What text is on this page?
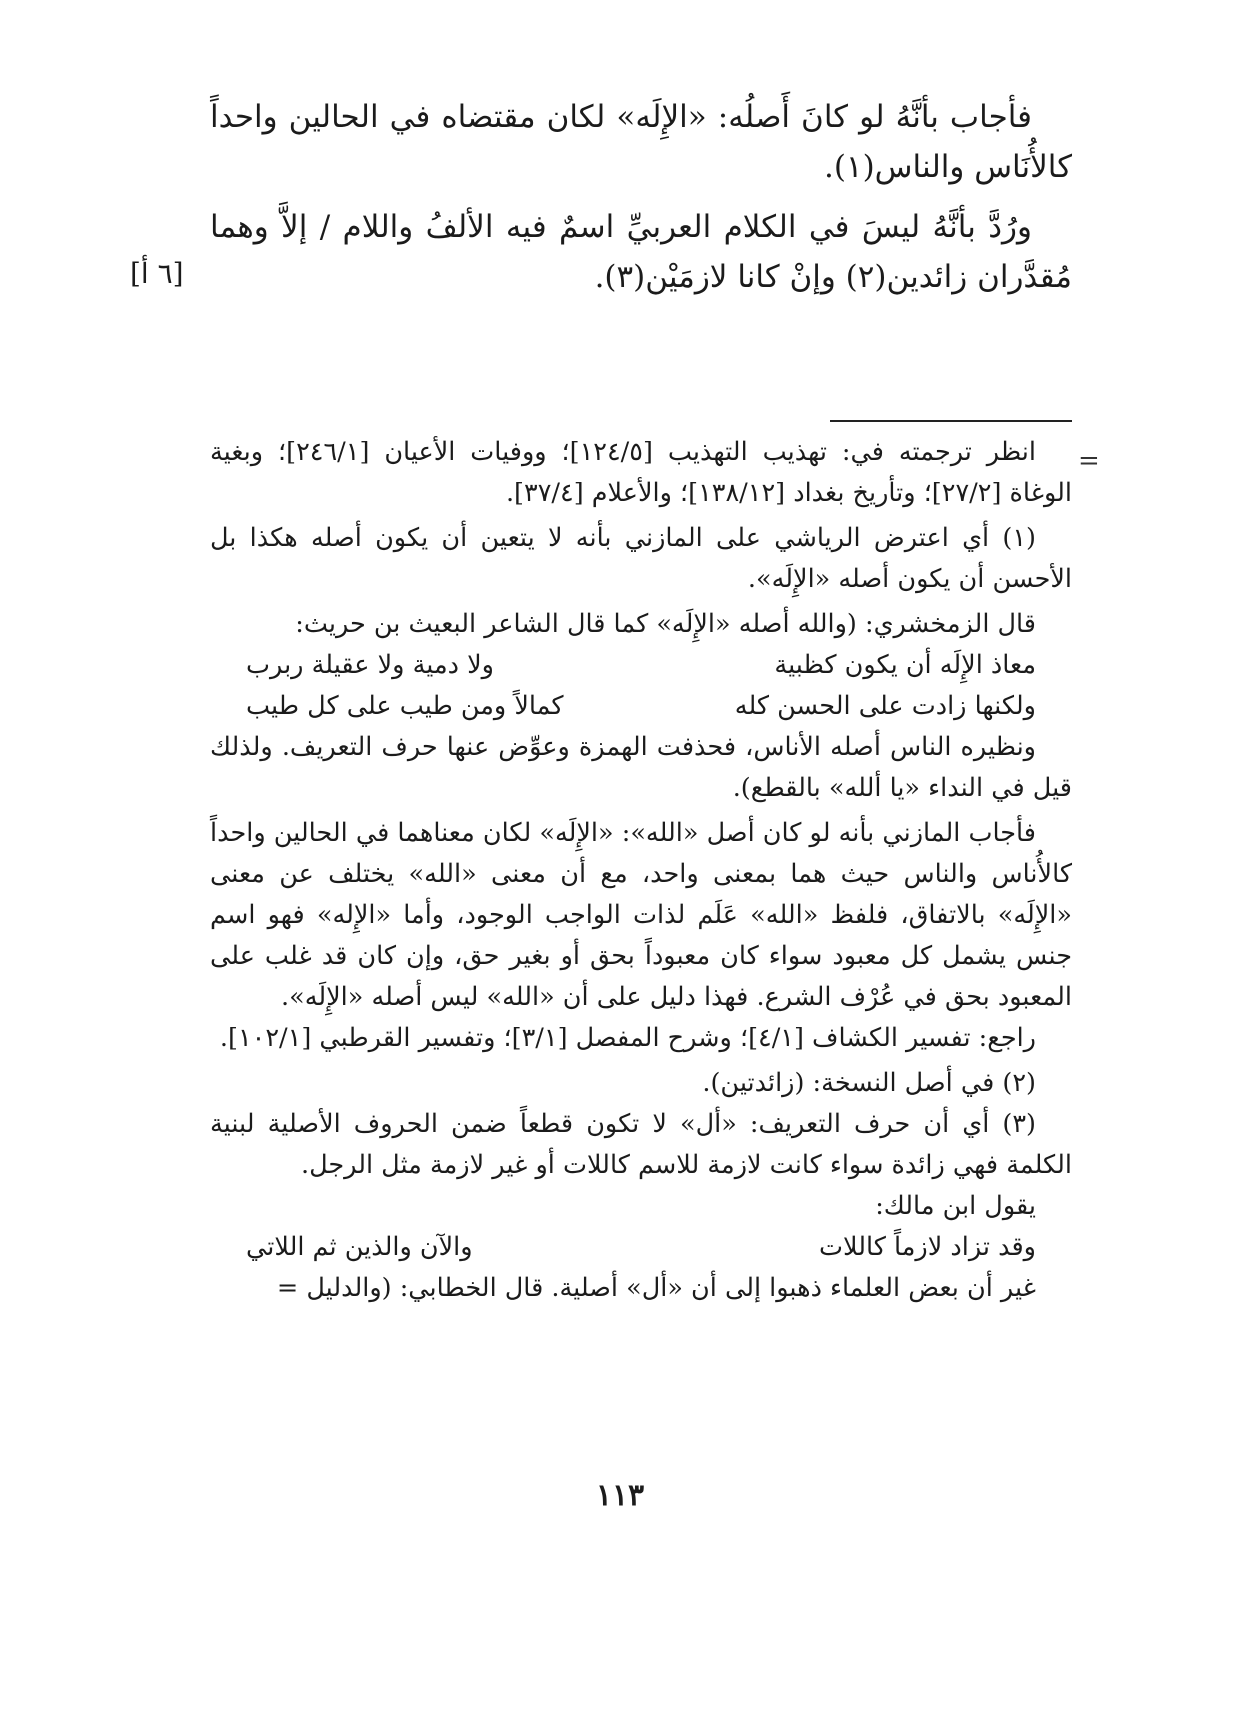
فأجاب بأنَّهُ لو كانَ أَصلُه: «الإِلَه» لكان مقتضاه في الحالين واحداً كالأُنَاس والناس(١).

ورُدَّ بأنَّهُ ليسَ في الكلام العربيِّ اسمٌ فيه الألفُ واللام / إلاَّ وهما مُقدَّران زائدين(٢) وإنْ كانا لازمَيْن(٣).

[٦ أ]
=

انظر ترجمته في: تهذيب التهذيب [١٢٤/٥]؛ ووفيات الأعيان [٢٤٦/١]؛ وبغية الوغاة [٢٧/٢]؛ وتأريخ بغداد [١٣٨/١٢]؛ والأعلام [٣٧/٤].

(١) أي اعترض الرياشي على المازني بأنه لا يتعين أن يكون أصله هكذا بل الأحسن أن يكون أصله «الإِلَه».

قال الزمخشري: (والله أصله «الإِلَه» كما قال الشاعر البعيث بن حريث:

معاذ الإِلَه أن يكون كظبية
ولا دمية ولا عقيلة ربرب
ولكنها زادت على الحسن كله
كمالاً ومن طيب على كل طيب

ونظيره الناس أصله الأناس، فحذفت الهمزة وعوِّض عنها حرف التعريف. ولذلك قيل في النداء «يا ألله» بالقطع).

فأجاب المازني بأنه لو كان أصل «الله»: «الإِلَه» لكان معناهما في الحالين واحداً كالأُناس والناس حيث هما بمعنى واحد، مع أن معنى «الله» يختلف عن معنى «الإِلَه» بالاتفاق، فلفظ «الله» عَلَم لذات الواجب الوجود، وأما «الإِله» فهو اسم جنس يشمل كل معبود سواء كان معبوداً بحق أو بغير حق، وإن كان قد غلب على المعبود بحق في عُرْف الشرع. فهذا دليل على أن «الله» ليس أصله «الإِلَه».

راجع: تفسير الكشاف [٤/١]؛ وشرح المفصل [٣/١]؛ وتفسير القرطبي [١٠٢/١].

(٢) في أصل النسخة: (زائدتين).

(٣) أي أن حرف التعريف: «أل» لا تكون قطعاً ضمن الحروف الأصلية لبنية الكلمة فهي زائدة سواء كانت لازمة للاسم كاللات أو غير لازمة مثل الرجل.

يقول ابن مالك:

وقد تزاد لازماً كاللات
والآن والذين ثم اللاتي

غير أن بعض العلماء ذهبوا إلى أن «أل» أصلية. قال الخطابي: (والدليل =

١١٣
